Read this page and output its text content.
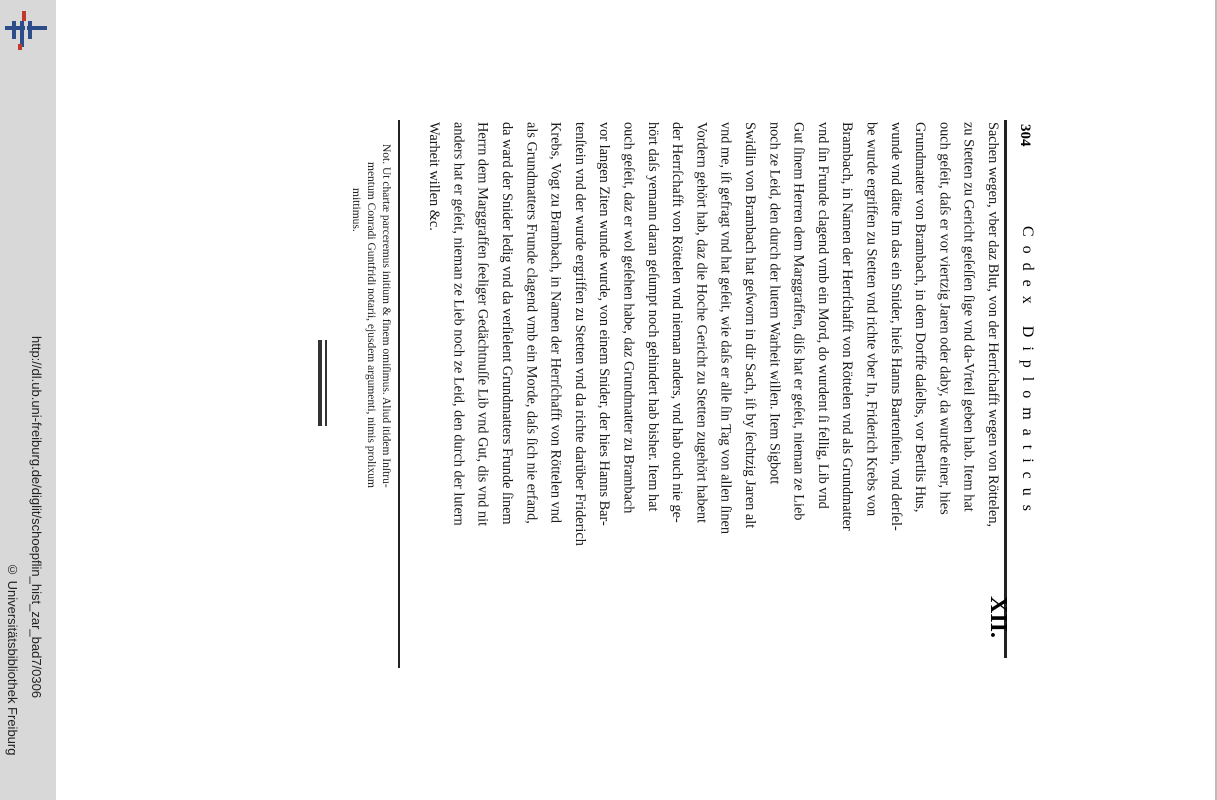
http://dl.ub.uni-freiburg.de/diglit/schoepflin_hist_zar_bad7/0306
© Universitätsbibliothek Freiburg
304
Codex Diplomaticus
XII.
Sachen wegen, vber daz Blut, von der Herrſchafft wegen von Röttelen,
zu Stetten zu Gericht geſeſſen ſige vnd da-Vrteil geben hab. Item hat
ouch geſeit, daſs er vor viertzig Jaren oder daby, da wurde einer, hies
Grundmatter von Brambach, in dem Dorffe daſelbs, vor Bertlis Hus,
wunde vnd dätte Im das ein Snider, hieſs Hanns Bartenſtein, vnd derſel-
be wurde ergriffen zu Stetten vnd richte vber In, Friderich Krebs von
Brambach, in Namen der Herrſchafft von Röttelen vnd als Grundmatter
vnd ſin Frunde clagend vmb ein Mord, do wurdent ſi fellig, Lib vnd
Gut ſinem Herren dem Marggraffen, diſs hat er geſeit, nieman ze Lieb
noch ze Leid, den durch der lutern Warheit willen. Item Sigbott
Swidlin von Brambach hat geſworn in dir Sach, iſt by ſechtzig Jaren alt
vnd me, iſt gefragt vnd hat geſeit, wie daſs er alle ſin Tag von allen ſinen
Vordern gehört hab, daz die Hoche Gericht zu Stetten zugehört habent
der Herrſchafft von Röttelen vnd nieman anders, vnd hab ouch nie ge-
hört daſs yemann daran geſumpt noch gehindert hab bisher. Item hat
ouch geſeit, daz er wol geſehen habe, daz Grundmatter zu Brambach
vor langen Ziten wunde wurde, von einem Snider, der hies Hanns Bar-
tenſtein vnd der wurde ergriffen zu Stetten vnd da richte darüber Friderich
Krebs, Vogt zu Brambach, in Namen der Herrſchafft von Röttelen vnd
als Grundmatters Frunde clagend vmb ein Morde, daſs ſich nie erfand,
da ward der Snider ledig vnd da verſielent Grundmatters Frunde ſinem
Herrn dem Marggraffen ſeeliger Gedächtnuſſe Lib vnd Gut, dis vnd nit
anders hat er geſeit, nieman ze Lieb noch ze Leid, den durch der lutern
Warheit willen &c.
Not. Ut chartæ parceremus initium & finem omiſimus. Aliud itidem Inſtru-
mentum Conradi Guntfridi notarii, ejusdem argumenti, nimis prolixum
mittimus.
